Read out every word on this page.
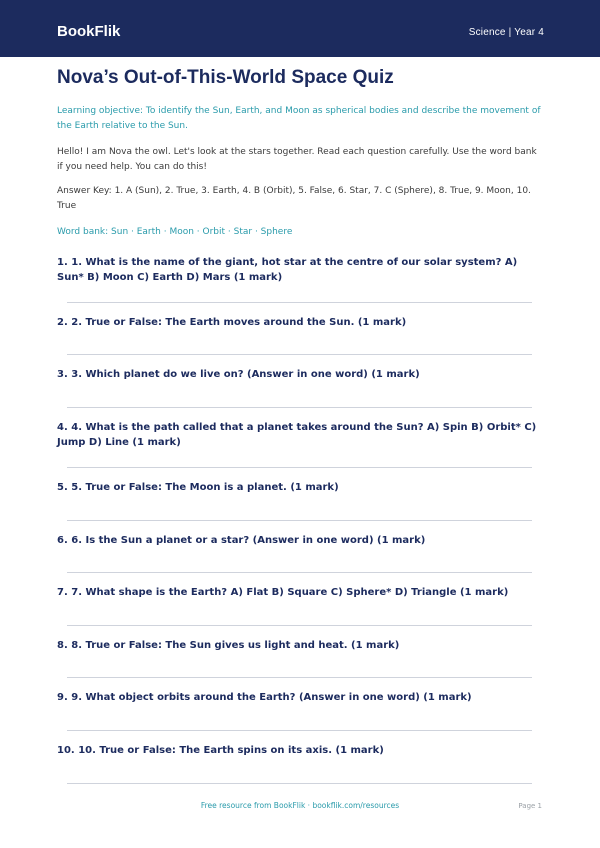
BookFlik	Science | Year 4
Nova’s Out-of-This-World Space Quiz

Learning objective: To identify the Sun, Earth, and Moon as spherical bodies and describe the movement of the Earth relative to the Sun.

Hello! I am Nova the owl. Let's look at the stars together. Read each question carefully. Use the word bank if you need help. You can do this!

Answer Key: 1. A (Sun), 2. True, 3. Earth, 4. B (Orbit), 5. False, 6. Star, 7. C (Sphere), 8. True, 9. Moon, 10. True

Word bank: Sun · Earth · Moon · Orbit · Star · Sphere

1. 1. What is the name of the giant, hot star at the centre of our solar system? A) Sun* B) Moon C) Earth D) Mars (1 mark)
2. 2. True or False: The Earth moves around the Sun. (1 mark)
3. 3. Which planet do we live on? (Answer in one word) (1 mark)
4. 4. What is the path called that a planet takes around the Sun? A) Spin B) Orbit* C) Jump D) Line (1 mark)
5. 5. True or False: The Moon is a planet. (1 mark)
6. 6. Is the Sun a planet or a star? (Answer in one word) (1 mark)
7. 7. What shape is the Earth? A) Flat B) Square C) Sphere* D) Triangle (1 mark)
8. 8. True or False: The Sun gives us light and heat. (1 mark)
9. 9. What object orbits around the Earth? (Answer in one word) (1 mark)
10. 10. True or False: The Earth spins on its axis. (1 mark)
Free resource from BookFlik · bookflik.com/resources	Page 1
